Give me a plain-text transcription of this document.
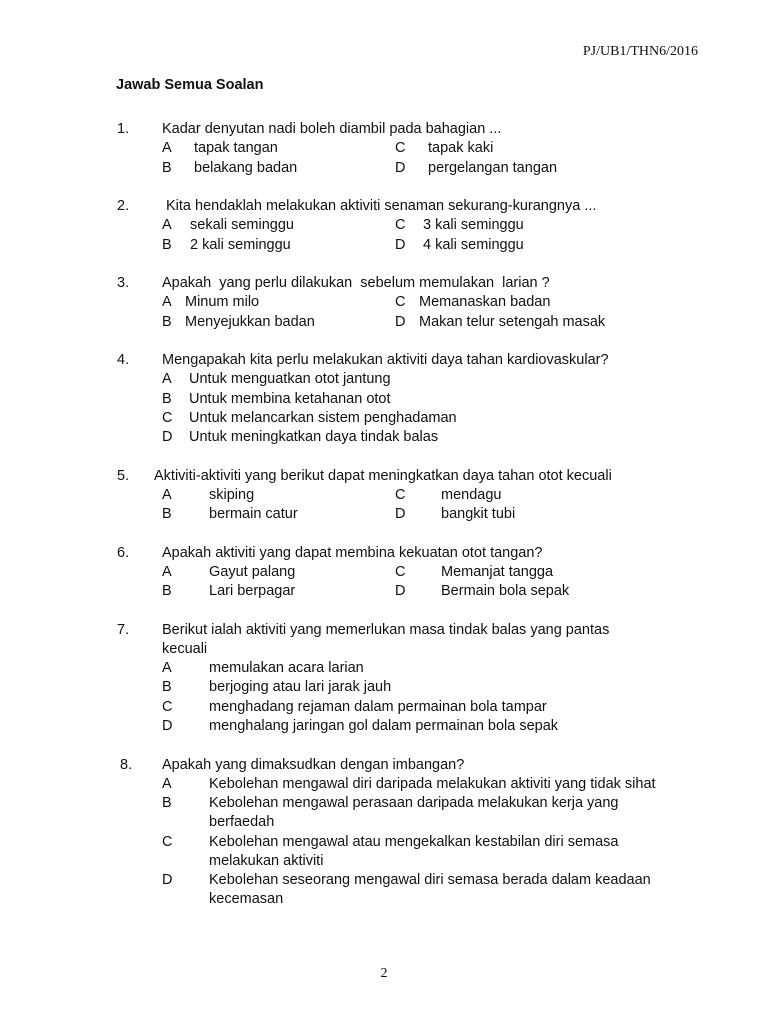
PJ/UB1/THN6/2016
Jawab Semua Soalan
1. Kadar denyutan nadi boleh diambil pada bahagian ...
A tapak tangan	C tapak kaki
B belakang badan	D pergelangan tangan
2.	Kita hendaklah melakukan aktiviti senaman sekurang-kurangnya ...
A sekali seminggu	C 3 kali seminggu
B 2 kali seminggu	D 4 kali seminggu
3. Apakah  yang perlu dilakukan  sebelum memulakan  larian ?
A Minum milo	C Memanaskan badan
B Menyejukkan badan	D Makan telur setengah masak
4. Mengapakah kita perlu melakukan aktiviti daya tahan kardiovaskular?
A Untuk menguatkan otot jantung
B Untuk membina ketahanan otot
C Untuk melancarkan sistem penghadaman
D Untuk meningkatkan daya tindak balas
5. Aktiviti-aktiviti yang berikut dapat meningkatkan daya tahan otot kecuali
A	skiping	C mendagu
B	bermain catur	D bangkit tubi
6. Apakah aktiviti yang dapat membina kekuatan otot tangan?
A	Gayut palang	C Memanjat tangga
B	Lari berpagar	D Bermain bola sepak
7. Berikut ialah aktiviti yang memerlukan masa tindak balas yang pantas
kecuali
A	memulakan acara larian
B	berjoging atau lari jarak jauh
C	menghadang rejaman dalam permainan bola tampar
D	menghalang jaringan gol dalam permainan bola sepak
8. Apakah yang dimaksudkan dengan imbangan?
A	Kebolehan mengawal diri daripada melakukan aktiviti yang tidak sihat
B	Kebolehan mengawal perasaan daripada melakukan kerja yang
berfaedah
C	Kebolehan mengawal atau mengekalkan kestabilan diri semasa
melakukan aktiviti
D	Kebolehan seseorang mengawal diri semasa berada dalam keadaan
kecemasan
2
